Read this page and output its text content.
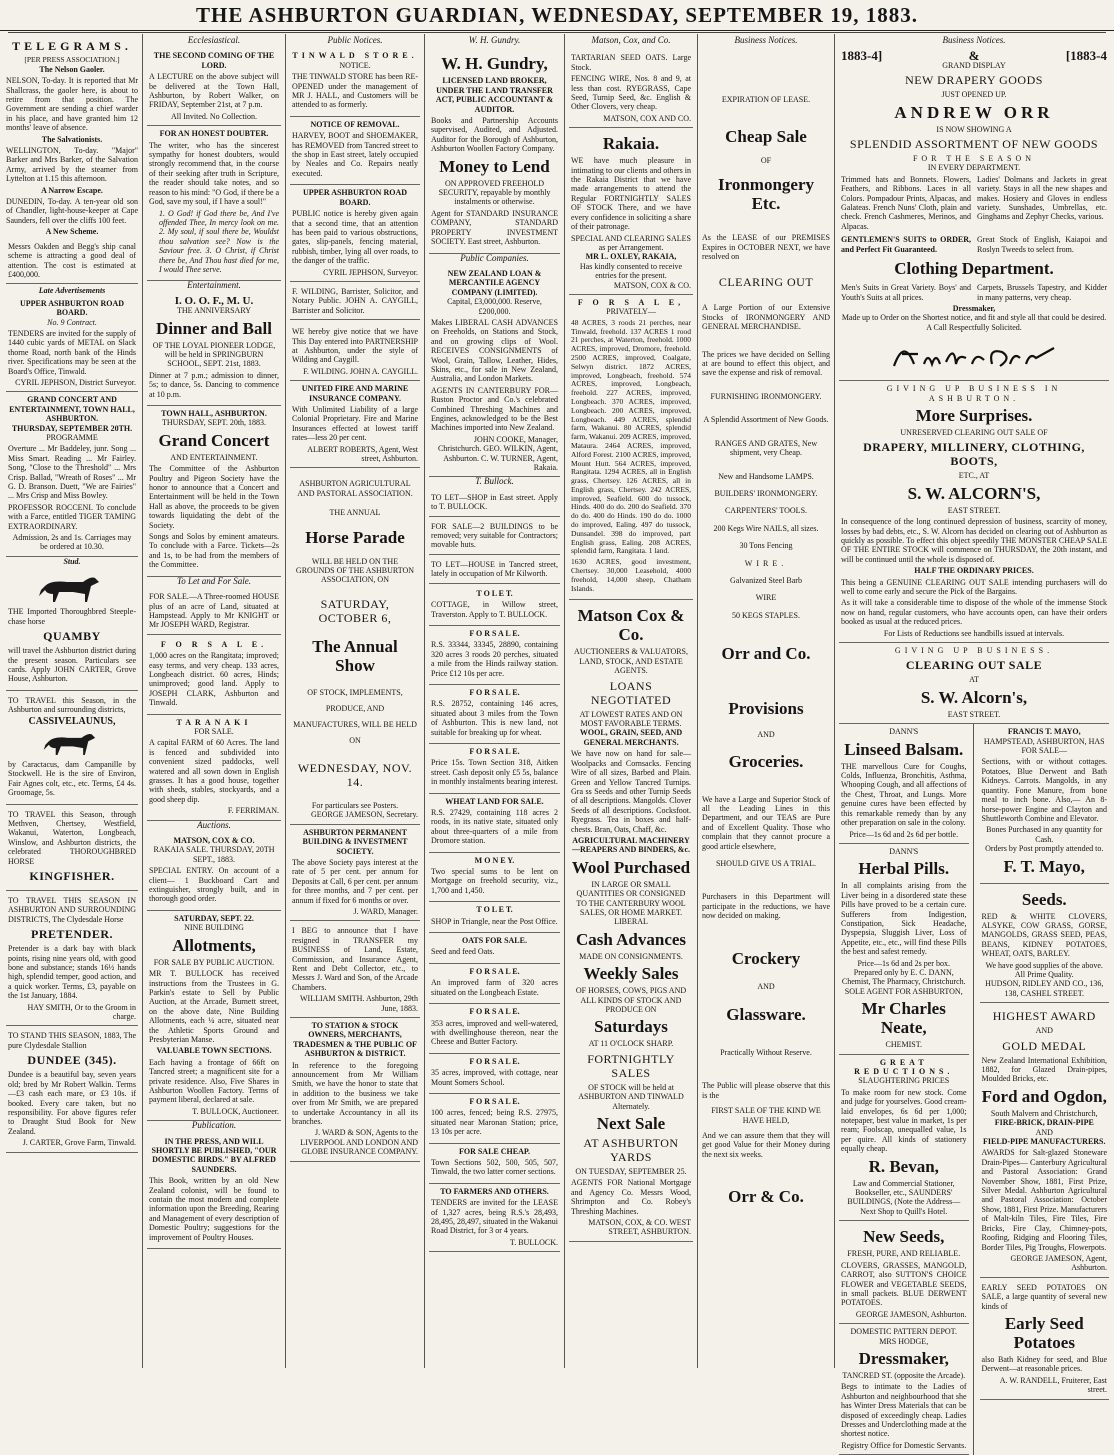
THE ASHBURTON GUARDIAN, WEDNESDAY, SEPTEMBER 19, 1883.
TELEGRAMS.
[PER PRESS ASSOCIATION.]
The Nelson Gaoler.
NELSON, To-day. It is reported that Mr Shallcrass, the gaoler here, is about to retire from that position. The Government are sending a chief warder in his place, and have granted him 12 months' leave of absence.
The Salvationists.
WELLINGTON, To-day. "Major" Barker and Mrs Barker, of the Salvation Army, arrived by the steamer from Lyttelton at 1.15 this afternoon.
A Narrow Escape.
DUNEDIN, To-day. A ten-year old son of Chandler, light-house-keeper at Cape Saunders, fell over the cliffs 100 feet.
A New Scheme.
Messrs Oakden and Begg's ship canal scheme is attracting a good deal of attention. The cost is estimated at £400,000.
Late Advertisements
UPPER ASHBURTON ROAD BOARD.
No. 9 Contract.
TENDERS are invited for the supply of 1440 cubic yards of METAL on Slack thorne Road, north bank of the Hinds river. Specifications may be seen at the Board's Office, Tinwald.
CYRIL JEPHSON, District Surveyor.
GRAND CONCERT AND ENTERTAINMENT, TOWN HALL, ASHBURTON.
THURSDAY, SEPTEMBER 20TH.
PROGRAMME
Overture ... Mr Baddeley, junr. Song ... Miss Smart. Reading ... Mr Fairley. Song, "Close to the Threshold" ... Mrs Crisp. Ballad, "Wreath of Roses" ... Mr G. D. Branson. Duett, "We are Fairies" ... Mrs Crisp and Miss Bowley.
PROFESSOR ROCCENI. To conclude with a Farce, entitled TIGER TAMING EXTRAORDINARY.
Admission, 2s and 1s. Carriages may be ordered at 10.30.
Stud.
THE Imported Thoroughbred Steeple-chase horse
QUAMBY
will travel the Ashburton district during the present season. Particulars see cards. Apply JOHN CARTER, Grove House, Ashburton.
TO TRAVEL this Season, in the Ashburton and surrounding districts,
CASSIVELAUNUS,
by Caractacus, dam Campanille by Stockwell. He is the sire of Environ, Fair Agnes colt, etc., etc. Terms, £4 4s. Groomage, 5s.
TO TRAVEL this Season, through Methven, Chertsey, Westfield, Wakanui, Waterton, Longbeach, Winslow, and Ashburton districts, the celebrated THOROUGHBRED HORSE
KINGFISHER.
TO TRAVEL THIS SEASON IN ASHBURTON AND SURROUNDING DISTRICTS, The Clydesdale Horse
PRETENDER.
Pretender is a dark bay with black points, rising nine years old, with good bone and substance; stands 16½ hands high, splendid temper, good action, and a quick worker. Terms, £3, payable on the 1st January, 1884.
HAY SMITH, Or to the Groom in charge.
TO STAND THIS SEASON, 1883, The pure Clydesdale Stallion
DUNDEE (345).
Dundee is a beautiful bay, seven years old; bred by Mr Robert Walkin. Terms—£3 cash each mare, or £3 10s. if booked. Every care taken, but no responsibility. For above figures refer to Draught Stud Book for New Zealand.
J. CARTER, Grove Farm, Tinwald.
Ecclesiastical.
THE SECOND COMING OF THE LORD.
A LECTURE on the above subject will be delivered at the Town Hall, Ashburton, by Robert Walker, on FRIDAY, September 21st, at 7 p.m.
All Invited. No Collection.
FOR AN HONEST DOUBTER.
The writer, who has the sincerest sympathy for honest doubters, would strongly recommend that, in the course of their seeking after truth in Scripture, the reader should take notes, and so reason to his mind: "O God, if there be a God, save my soul, if I have a soul!"
1. O God! if God there be, And I've offended Thee, In mercy look on me. 2. My soul, if soul there be, Wouldst thou salvation see? Now is the Saviour free. 3. O Christ, if Christ there be, And Thou hast died for me, I would Thee serve.
Entertainment.
I. O. O. F., M. U.
THE ANNIVERSARY
Dinner and Ball
OF THE LOYAL PIONEER LODGE, will be held in SPRINGBURN SCHOOL, SEPT. 21st, 1883.
Dinner at 7 p.m.; admission to dinner, 5s; to dance, 5s. Dancing to commence at 10 p.m.
TOWN HALL, ASHBURTON.
THURSDAY, SEPT. 20th, 1883.
Grand Concert
AND ENTERTAINMENT.
The Committee of the Ashburton Poultry and Pigeon Society have the honor to announce that a Concert and Entertainment will be held in the Town Hall as above, the proceeds to be given towards liquidating the debt of the Society.
Songs and Solos by eminent amateurs. To conclude with a Farce. Tickets—2s and 1s, to be had from the members of the Committee.
To Let and For Sale.
FOR SALE.—A Three-roomed HOUSE plus of an acre of Land, situated at Hampstead. Apply to Mr KNIGHT or Mr JOSEPH WARD, Registrar.
F O R S A L E.
1,000 acres on the Rangitata; improved; easy terms, and very cheap. 133 acres, Longbeach district. 60 acres, Hinds; unimproved; good land. Apply to JOSEPH CLARK, Ashburton and Tinwald.
TARANAKI
FOR SALE.
A capital FARM of 60 Acres. The land is fenced and subdivided into convenient sized paddocks, well watered and all sown down in English grasses. It has a good house, together with sheds, stables, stockyards, and a good sheep dip.
F. FERRIMAN.
Auctions.
MATSON, COX & CO.
RAKAIA SALE. THURSDAY, 20TH SEPT., 1883.
SPECIAL ENTRY. On account of a client— 1 Buckboard Cart and extinguisher, strongly built, and in thorough good order.
SATURDAY, SEPT. 22.
NINE BUILDING
Allotments,
FOR SALE BY PUBLIC AUCTION.
MR T. BULLOCK has received instructions from the Trustees in G. Parkin's estate to Sell by Public Auction, at the Arcade, Burnett street, on the above date, Nine Building Allotments, each ¼ acre, situated near the Athletic Sports Ground and Presbyterian Manse.
VALUABLE TOWN SECTIONS.
Each having a frontage of 66ft on Tancred street; a magnificent site for a private residence. Also, Five Shares in Ashburton Woollen Factory. Terms of payment liberal, declared at sale.
T. BULLOCK, Auctioneer.
Publication.
IN THE PRESS, AND WILL SHORTLY BE PUBLISHED, "OUR DOMESTIC BIRDS." BY ALFRED SAUNDERS.
This Book, written by an old New Zealand colonist, will be found to contain the most modern and complete information upon the Breeding, Rearing and Management of every description of Domestic Poultry; suggestions for the improvement of Poultry Houses.
Public Notices.
TINWALD STORE.
NOTICE.
THE TINWALD STORE has been RE-OPENED under the management of MR J. HALL, and Customers will be attended to as formerly.
NOTICE OF REMOVAL.
HARVEY, BOOT and SHOEMAKER, has REMOVED from Tancred street to the shop in East street, lately occupied by Neales and Co. Repairs neatly executed.
UPPER ASHBURTON ROAD BOARD.
PUBLIC notice is hereby given again that a second time, that an attention has been paid to various obstructions, gates, slip-panels, fencing material, rubbish, timber, lying all over roads, to the danger of the traffic.
CYRIL JEPHSON, Surveyor.
F. WILDING, Barrister, Solicitor, and Notary Public. JOHN A. CAYGILL, Barrister and Solicitor.
WE hereby give notice that we have This Day entered into PARTNERSHIP at Ashburton, under the style of Wilding and Caygill.
F. WILDING. JOHN A. CAYGILL.
UNITED FIRE AND MARINE INSURANCE COMPANY.
With Unlimited Liability of a large Colonial Proprietary. Fire and Marine Insurances effected at lowest tariff rates—less 20 per cent.
ALBERT ROBERTS, Agent, West street, Ashburton.
ASHBURTON AGRICULTURAL AND PASTORAL ASSOCIATION.
THE ANNUAL
Horse Parade
WILL BE HELD ON THE GROUNDS OF THE ASHBURTON ASSOCIATION, ON
SATURDAY, OCTOBER 6,
The Annual Show
OF STOCK, IMPLEMENTS, PRODUCE, AND MANUFACTURES, WILL BE HELD ON
WEDNESDAY, NOV. 14.
For particulars see Posters.
GEORGE JAMESON, Secretary.
ASHBURTON PERMANENT BUILDING & INVESTMENT SOCIETY.
The above Society pays interest at the rate of 5 per cent. per annum for Deposits at Call, 6 per cent. per annum for three months, and 7 per cent. per annum if fixed for 6 months or over.
J. WARD, Manager.
I BEG to announce that I have resigned in TRANSFER my BUSINESS of Land, Estate, Commission, and Insurance Agent, Rent and Debt Collector, etc., to Messrs J. Ward and Son, of the Arcade Chambers.
WILLIAM SMITH. Ashburton, 29th June, 1883.
TO STATION & STOCK OWNERS, MERCHANTS, TRADESMEN & THE PUBLIC OF ASHBURTON & DISTRICT.
In reference to the foregoing announcement from Mr William Smith, we have the honor to state that in addition to the business we take over from Mr Smith, we are prepared to undertake Accountancy in all its branches.
J. WARD & SON, Agents to the LIVERPOOL AND LONDON AND GLOBE INSURANCE COMPANY.
W. H. Gundry.
W. H. Gundry,
LICENSED LAND BROKER, UNDER THE LAND TRANSFER ACT, PUBLIC ACCOUNTANT & AUDITOR.
Books and Partnership Accounts supervised, Audited, and Adjusted. Auditor for the Borough of Ashburton, Ashburton Woollen Factory Company.
Money to Lend
ON APPROVED FREEHOLD SECURITY, repayable by monthly instalments or otherwise.
Agent for STANDARD INSURANCE COMPANY, STANDARD PROPERTY INVESTMENT SOCIETY. East street, Ashburton.
Public Companies.
NEW ZEALAND LOAN & MERCANTILE AGENCY COMPANY (LIMITED).
Capital, £3,000,000. Reserve, £200,000.
Makes LIBERAL CASH ADVANCES on Freeholds, on Stations and Stock, and on growing clips of Wool. RECEIVES CONSIGNMENTS of Wool, Grain, Tallow, Leather, Hides, Skins, etc., for sale in New Zealand, Australia, and London Markets.
AGENTS IN CANTERBURY FOR—Ruston Proctor and Co.'s celebrated Combined Threshing Machines and Engines, acknowledged to be the Best Machines imported into New Zealand.
JOHN COOKE, Manager, Christchurch. GEO. WILKIN, Agent, Ashburton. C. W. TURNER, Agent, Rakaia.
T. Bullock.
TO LET—SHOP in East street. Apply to T. BULLOCK.
FOR SALE—2 BUILDINGS to be removed; very suitable for Contractors; movable huts.
TO LET—HOUSE in Tancred street, lately in occupation of Mr Kilworth.
T O L E T.
COTTAGE, in Willow street, Traverston. Apply to T. BULLOCK.
F O R S A L E.
R.S. 33344, 33345, 28890, containing 320 acres 3 roods 20 perches, situated a mile from the Hinds railway station. Price £12 10s per acre.
F O R S A L E.
R.S. 28752, containing 146 acres, situated about 3 miles from the Town of Ashburton. This is new land, not suitable for breaking up for wheat.
F O R S A L E.
Price 15s. Town Section 318, Aitken street. Cash deposit only £5 5s, balance in monthly instalments bearing interest.
WHEAT LAND FOR SALE.
R.S. 27429, containing 118 acres 2 roods, in its native state, situated only about three-quarters of a mile from Dromore station.
M O N E Y.
Two special sums to be lent on Mortgage on freehold security, viz., 1,700 and 1,450.
T O L E T.
SHOP in Triangle, near the Post Office.
OATS FOR SALE.
Seed and feed Oats.
F O R S A L E.
An improved farm of 320 acres situated on the Longbeach Estate.
F O R S A L E.
353 acres, improved and well-watered, with dwellinghouse thereon, near the Cheese and Butter Factory.
F O R S A L E.
35 acres, improved, with cottage, near Mount Somers School.
F O R S A L E.
100 acres, fenced; being R.S. 27975, situated near Maronan Station; price, 13 10s per acre.
FOR SALE CHEAP.
Town Sections 502, 500, 505, 507, Tinwald, the two latter corner sections.
TO FARMERS AND OTHERS.
TENDERS are invited for the LEASE of 1,327 acres, being R.S.'s 28,493, 28,495, 28,497, situated in the Wakanui Road District, for 3 or 4 years.
T. BULLOCK.
Matson, Cox, and Co.
TARTARIAN SEED OATS. Large Stock.
FENCING WIRE, Nos. 8 and 9, at less than cost. RYEGRASS, Cape Seed, Turnip Seed, &c. English & Other Clovers, very cheap.
MATSON, COX AND CO.
Rakaia.
WE have much pleasure in intimating to our clients and others in the Rakaia District that we have made arrangements to attend the Regular FORTNIGHTLY SALES OF STOCK There, and we have every confidence in soliciting a share of their patronage.
SPECIAL AND CLEARING SALES as per Arrangement.
MR L. OXLEY, RAKAIA,
Has kindly consented to receive entries for the present.
MATSON, COX & CO.
F O R S A L E,
PRIVATELY—
48 ACRES, 3 roods 21 perches, near Tinwald, freehold. 137 ACRES 1 rood 21 perches, at Waterton, freehold. 1000 ACRES, improved, Dromore, freehold. 2500 ACRES, improved, Coalgate, Selwyn district. 1872 ACRES, improved, Longbeach, freehold. 574 ACRES, improved, Longbeach, freehold. 227 ACRES, improved, Longbeach. 370 ACRES, improved, Longbeach. 200 ACRES, improved, Longbeach. 449 ACRES, splendid farm, Wakanui. 80 ACRES, splendid farm, Wakanui. 209 ACRES, improved, Mataura. 2464 ACRES, improved, Alford Forest. 2100 ACRES, improved, Mount Hutt. 564 ACRES, improved, Rangitata. 1294 ACRES, all in English grass, Chertsey. 126 ACRES, all in English grass, Chertsey. 242 ACRES, improved, Seafield. 600 do tussock, Hinds. 400 do do. 200 do Seafield. 370 do do. 400 do Hinds. 190 do do. 1000 do improved, Ealing. 497 do tussock, Dunsandel. 398 do improved, part English grass, Ealing. 208 ACRES, splendid farm, Rangitata. 1 land.
1630 ACRES, good investment, Chertsey. 30,000 Leasehold, 4000 freehold, 14,000 sheep, Chatham Islands.
Matson Cox & Co.
AUCTIONEERS & VALUATORS, LAND, STOCK, AND ESTATE AGENTS.
LOANS NEGOTIATED
AT LOWEST RATES AND ON MOST FAVORABLE TERMS.
WOOL, GRAIN, SEED, AND GENERAL MERCHANTS.
We have now on hand for sale— Woolpacks and Cornsacks. Fencing Wire of all sizes, Barbed and Plain. Green and Yellow Tancred Turnips. Gra ss Seeds and other Turnip Seeds of all descriptions. Mangolds. Clover Seeds of all descriptions. Cocksfoot. Ryegrass. Tea in boxes and half-chests. Bran, Oats, Chaff, &c.
AGRICULTURAL MACHINERY—REAPERS AND BINDERS, &c.
Wool Purchased
IN LARGE OR SMALL QUANTITIES OR CONSIGNED TO THE CANTERBURY WOOL SALES, OR HOME MARKET.
LIBERAL
Cash Advances
MADE ON CONSIGNMENTS.
Weekly Sales
OF HORSES, COWS, PIGS AND ALL KINDS OF STOCK AND PRODUCE ON
Saturdays
AT 11 O'CLOCK SHARP.
FORTNIGHTLY SALES
OF STOCK will be held at ASHBURTON AND TINWALD Alternately.
Next Sale
AT ASHBURTON YARDS
ON TUESDAY, SEPTEMBER 25.
AGENTS FOR National Mortgage and Agency Co. Messrs Wood, Shrimpton and Co. Robey's Threshing Machines.
MATSON, COX, & CO. WEST STREET, ASHBURTON.
Business Notices.
EXPIRATION OF LEASE.
Cheap Sale
OF
Ironmongery Etc.
As the LEASE of our PREMISES Expires in OCTOBER NEXT, we have resolved on
CLEARING OUT
A Large Portion of our Extensive Stocks of IRONMONGERY AND GENERAL MERCHANDISE.
The prices we have decided on Selling at are bound to effect this object, and save the expense and risk of removal.
FURNISHING IRONMONGERY.
A Splendid Assortment of New Goods.
RANGES AND GRATES, New shipment, very Cheap.
New and Handsome LAMPS.
BUILDERS' IRONMONGERY.
CARPENTERS' TOOLS.
200 Kegs Wire NAILS, all sizes.
30 Tons Fencing
WIRE.
Galvanized Steel Barb
WIRE
50 KEGS STAPLES.
Orr and Co.
Provisions
AND
Groceries.
We have a Large and Superior Stock of all the Leading Lines in this Department, and our TEAS are Pure and of Excellent Quality. Those who complain that they cannot procure a good article elsewhere,
SHOULD GIVE US A TRIAL.
Purchasers in this Department will participate in the reductions, we have now decided on making.
Crockery
AND
Glassware.
Practically Without Reserve.
The Public will please observe that this is the
FIRST SALE OF THE KIND WE HAVE HELD,
And we can assure them that they will get good Value for their Money during the next six weeks.
Orr & Co.
Business Notices.
1883-4]	&	[1883-4
GRAND DISPLAY
NEW DRAPERY GOODS
JUST OPENED UP.
ANDREW ORR
IS NOW SHOWING A
SPLENDID ASSORTMENT OF NEW GOODS
FOR THE SEASON
IN EVERY DEPARTMENT.
Trimmed hats and Bonnets. Flowers, Feathers, and Ribbons. Laces in all Colors. Pompadour Prints, Alpacas, and Galateas. French Nuns' Cloth, plain and check. French Cashmeres, Merinos, and Alpacas.
Ladies' Dolmans and Jackets in great variety. Stays in all the new shapes and makes. Hosiery and Gloves in endless variety. Sunshades, Umbrellas, etc. Ginghams and Zephyr Checks, various.
GENTLEMEN'S SUITS to ORDER, and Perfect Fit Guaranteed.
Great Stock of English, Kaiapoi and Roslyn Tweeds to select from.
Clothing Department.
Men's Suits in Great Variety. Boys' and Youth's Suits at all prices.
Carpets, Brussels Tapestry, and Kidder in many patterns, very cheap.
Dressmaker,
Made up to Order on the Shortest notice, and fit and style all that could be desired.
A Call Respectfully Solicited.
GIVING UP BUSINESS IN ASHBURTON.
More Surprises.
UNRESERVED CLEARING OUT SALE OF
DRAPERY, MILLINERY, CLOTHING, BOOTS,
ETC., AT
S. W. ALCORN'S,
EAST STREET.
In consequence of the long continued depression of business, scarcity of money, losses by bad debts, etc., S. W. Alcorn has decided on clearing out of Ashburton as quickly as possible. To effect this object speedily THE MONSTER CHEAP SALE OF THE ENTIRE STOCK will commence on THURSDAY, the 20th instant, and will be continued until the whole is disposed of.
HALF THE ORDINARY PRICES.
This being a GENUINE CLEARING OUT SALE intending purchasers will do well to come early and secure the Pick of the Bargains.
As it will take a considerable time to dispose of the whole of the immense Stock now on hand, regular customers, who have accounts open, can have their orders booked as usual at the reduced prices.
For Lists of Reductions see handbills issued at intervals.
GIVING UP BUSINESS.
CLEARING OUT SALE
AT
S. W. Alcorn's,
EAST STREET.
DANN'S
Linseed Balsam.
THE marvellous Cure for Coughs, Colds, Influenza, Bronchitis, Asthma, Whooping Cough, and all affections of the Chest, Throat, and Lungs. More genuine cures have been effected by this remarkable remedy than by any other preparation on sale in the colony.
Price—1s 6d and 2s 6d per bottle.
DANN'S
Herbal Pills.
In all complaints arising from the Liver being in a disordered state these Pills have proved to be a certain cure. Sufferers from Indigestion, Constipation, Sick Headache, Dyspepsia, Sluggish Liver, Loss of Appetite, etc., etc., will find these Pills the best and safest remedy.
Price—1s 6d and 2s per box.
Prepared only by E. C. DANN, Chemist, The Pharmacy, Christchurch.
SOLE AGENT FOR ASHBURTON,
Mr Charles Neate,
CHEMIST.
GREAT REDUCTIONS.
SLAUGHTERING PRICES
To make room for new stock. Come and judge for yourselves. Good cream-laid envelopes, 6s 6d per 1,000; notepaper, best value in market, 1s per ream; Foolscap, unequalled value, 1s per quire. All kinds of stationery equally cheap.
R. Bevan,
Law and Commercial Stationer, Bookseller, etc., SAUNDERS' BUILDINGS, (Note the Address— Next Shop to Quill's Hotel.
New Seeds,
FRESH, PURE, AND RELIABLE.
CLOVERS, GRASSES, MANGOLD, CARROT, also SUTTON'S CHOICE FLOWER and VEGETABLE SEEDS, in small packets. BLUE DERWENT POTATOES.
GEORGE JAMESON, Ashburton.
DOMESTIC PATTERN DEPOT.
MRS HODGE,
Dressmaker,
TANCRED ST. (opposite the Arcade).
Begs to intimate to the Ladies of Ashburton and neighbourhood that she has Winter Dress Materials that can be disposed of exceedingly cheap. Ladies Dresses and Underclothing made at the shortest notice.
Registry Office for Domestic Servants.
FRANCIS T. MAYO,
HAMPSTEAD, ASHBURTON, HAS FOR SALE—
Sections, with or without cottages. Potatoes, Blue Derwent and Bath Kidneys. Carrots. Mangolds, in any quantity. Fone Manure, from bone meal to inch bone. Also,— An 8-horse-power Engine and Clayton and Shuttleworth Combine and Elevator.
Bones Purchased in any quantity for Cash.
Orders by Post promptly attended to.
F. T. Mayo,
Seeds.
RED & WHITE CLOVERS, ALSYKE, COW GRASS, GORSE, MANGOLDS, GRASS SEED, PEAS, BEANS, KIDNEY POTATOES, WHEAT, OATS, BARLEY.
We have good supplies of the above.
All Prime Quality.
HUDSON, RIDLEY AND CO., 136, 138, CASHEL STREET.
HIGHEST AWARD
AND
GOLD MEDAL
New Zealand International Exhibition, 1882, for Glazed Drain-pipes, Moulded Bricks, etc.
Ford and Ogdon,
South Malvern and Christchurch,
FIRE-BRICK, DRAIN-PIPE
AND
FIELD-PIPE MANUFACTURERS.
AWARDS for Salt-glazed Stoneware Drain-Pipes— Canterbury Agricultural and Pastoral Association: Grand November Show, 1881, First Prize, Silver Medal. Ashburton Agricultural and Pastoral Association: October Show, 1881, First Prize. Manufacturers of Malt-kiln Tiles, Fire Tiles, Fire Bricks, Fire Clay, Chimney-pots, Roofing, Ridging and Flooring Tiles, Border Tiles, Pig Troughs, Flowerpots.
GEORGE JAMESON, Agent, Ashburton.
EARLY SEED POTATOES ON SALE, a large quantity of several new kinds of
Early Seed Potatoes
also Bath Kidney for seed, and Blue Derwent—at reasonable prices.
A. W. RANDELL, Fruiterer, East street.
